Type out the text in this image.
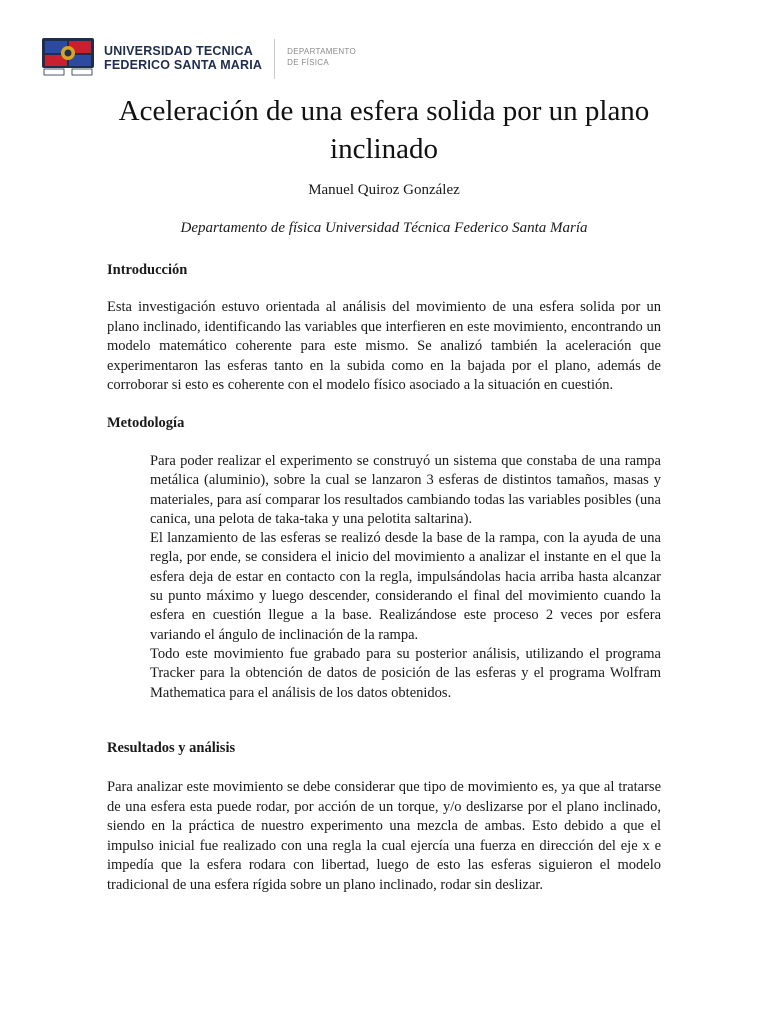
UNIVERSIDAD TECNICA
FEDERICO SANTA MARIA
DEPARTAMENTO
DE FÍSICA
Aceleración de una esfera solida por un plano inclinado
Manuel Quiroz González
Departamento de física Universidad Técnica Federico Santa María
Introducción
Esta investigación estuvo orientada al análisis del movimiento de una esfera solida por un plano inclinado, identificando las variables que interfieren en este movimiento, encontrando un modelo matemático coherente para este mismo. Se analizó también la aceleración que experimentaron las esferas tanto en la subida como en la bajada por el plano, además de corroborar si esto es coherente con el modelo físico asociado a la situación en cuestión.
Metodología

Para poder realizar el experimento se construyó un sistema que constaba de una rampa metálica (aluminio), sobre la cual se lanzaron 3 esferas de distintos tamaños, masas y materiales, para así comparar los resultados cambiando todas las variables posibles (una canica, una pelota de taka-taka y una pelotita saltarina).

El lanzamiento de las esferas se realizó desde la base de la rampa, con la ayuda de una regla, por ende, se considera el inicio del movimiento a analizar el instante en el que la esfera deja de estar en contacto con la regla, impulsándolas hacia arriba hasta alcanzar su punto máximo y luego descender, considerando el final del movimiento cuando la esfera en cuestión llegue a la base. Realizándose este proceso 2 veces por esfera variando el ángulo de inclinación de la rampa.

Todo este movimiento fue grabado para su posterior análisis, utilizando el programa Tracker para la obtención de datos de posición de las esferas y el programa Wolfram Mathematica para el análisis de los datos obtenidos.

Resultados y análisis
Para analizar este movimiento se debe considerar que tipo de movimiento es, ya que al tratarse de una esfera esta puede rodar, por acción de un torque, y/o deslizarse por el plano inclinado, siendo en la práctica de nuestro experimento una mezcla de ambas. Esto debido a que el impulso inicial fue realizado con una regla la cual ejercía una fuerza en dirección del eje x e impedía que la esfera rodara con libertad, luego de esto las esferas siguieron el modelo tradicional de una esfera rígida sobre un plano inclinado, rodar sin deslizar.
